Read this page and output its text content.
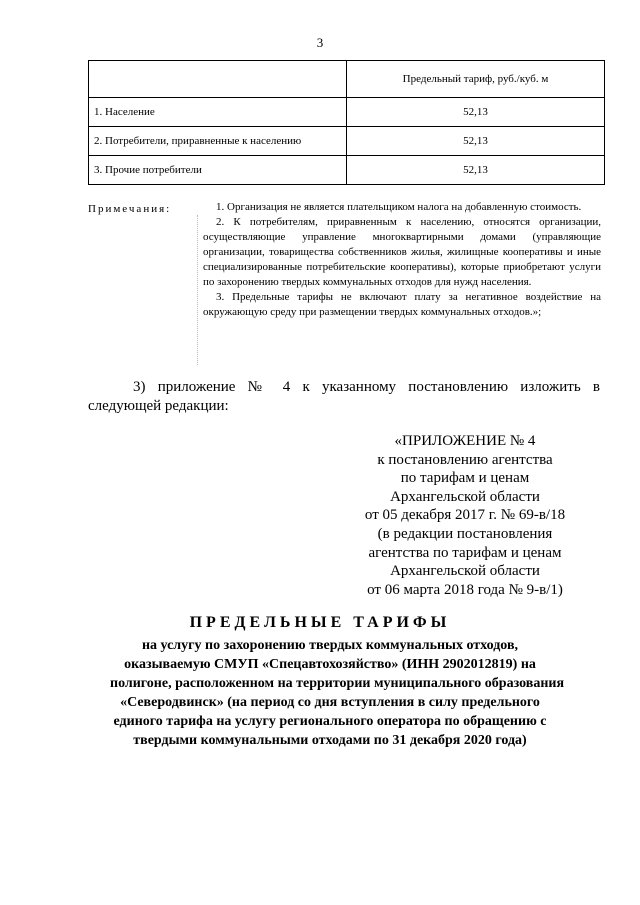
3
	Предельный тариф, руб./куб. м
1. Население	52,13
2. Потребители, приравненные к населению	52,13
3. Прочие потребители	52,13
Примечания:	1. Организация не является плательщиком налога на добавленную стоимость.

2. К потребителям, приравненным к населению, относятся организации, осуществляющие управление многоквартирными домами (управляющие организации, товарищества собственников жилья, жилищные кооперативы и иные специализированные потребительские кооперативы), которые приобретают услуги по захоронению твердых коммунальных отходов для нужд населения.

3. Предельные тарифы не включают плату за негативное воздействие на окружающую среду при размещении твердых коммунальных отходов.»;

3) приложение № 4 к указанному постановлению изложить в следующей редакции:
«ПРИЛОЖЕНИЕ № 4
к постановлению агентства
по тарифам и ценам
Архангельской области
от 05 декабря 2017 г. № 69-в/18
(в редакции постановления
агентства по тарифам и ценам
Архангельской области
от 06 марта 2018 года № 9-в/1)
ПРЕДЕЛЬНЫЕ ТАРИФЫ
на услугу по захоронению твердых коммунальных отходов,
оказываемую СМУП «Спецавтохозяйство» (ИНН 2902012819) на
полигоне, расположенном на территории муниципального образования
«Северодвинск» (на период со дня вступления в силу предельного
единого тарифа на услугу регионального оператора по обращению с
твердыми коммунальными отходами по 31 декабря 2020 года)
